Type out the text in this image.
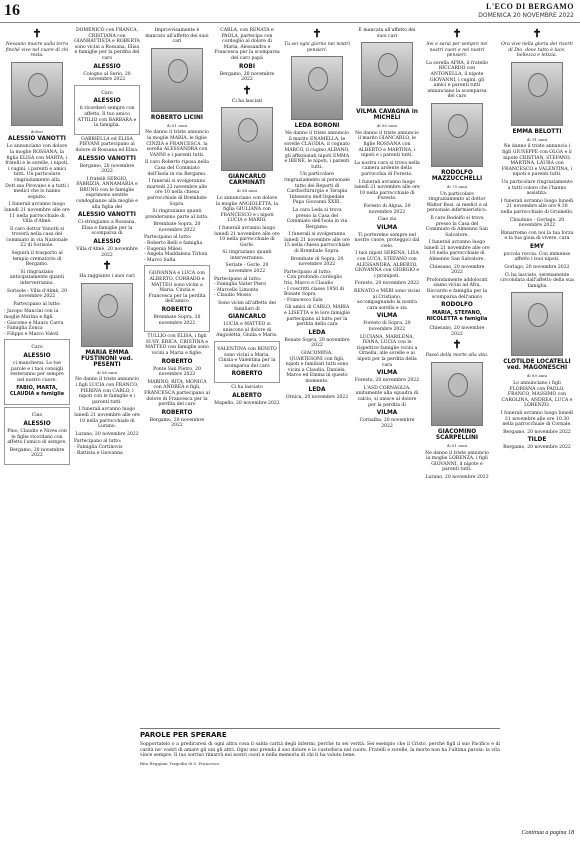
16	L'ECO DI BERGAMO
DOMENICA 20 NOVEMBRE 2022
✝
Nessuno muore sulla terra finché vive nel cuore di chi resta.
dottor
ALESSIO VANOTTI
Lo annunciano con dolore la moglie ROSSANA, la figlia ELISA con MARTA, i fratelli e le sorelle, i nipoti, i cugini, i parenti e amici tutti. Un particolare ringraziamento alla Dott.ssa Pirovano e a tutti i medici che lo hanno seguito.
I funerali avranno luogo lunedì 21 novembre alle ore 11 nella parrocchiale di Villa d'Almè.
Il caro dottor Vanotti si troverà nella casa del commiato in via Nazionale 22 di Sorisole.
Seguirà il trasporto al tempio crematorio di Bergamo.
Si ringraziano anticipatamente quanti interverranno.
Sorisole - Villa d'Almè, 20 novembre 2022
Partecipano al lutto:
- Jacopo Mancini con la moglie Marina e figli
- Giacomo e Mauro Carra
- Famiglia Zonca
- Filippo e Marco Valoti
Caro
ALESSIO
ci mancherai. Le tue parole e i tuoi consigli resteranno per sempre nel nostro cuore.
FABIO, MARTA, CLAUDIA e famiglie
Ciao
ALESSIO
Pino, Claudio e Nives con le figlie ricordano con affetto l'amico di sempre.
Bergamo, 20 novembre 2022
DOMENICO con FRANCA, CRISTIANA con GIANBATTISTA e ROBERTA sono vicini a Rossana, Elisa e famiglie per la perdita del caro
ALESSIO
Cologno al Serio, 20 novembre 2022
Caro
ALESSIO
ti ricorderò sempre con affetto. Il tuo amico ATTILIO con BARBARA e la famiglia.
GABRIELLA ed ELISA PIEVANI partecipano al dolore di Rossana ed Elisa.
ALESSIO VANOTTI
Bergamo, 20 novembre 2022
I fratelli SERGIO, FABRIZIA, ANNAMARIA e BRUNO con le famiglie esprimono sentite condoglianze alla moglie e alla figlia del
ALESSIO VANOTTI
Ci stringiamo a Rossana, Elisa e famiglie per la scomparsa di
ALESSIO
Villa d'Almè, 20 novembre 2022
✝
Ha raggiunto i suoi cari
MARIA EMMA FUSTINONI ved. PESENTI
di 86 anni
Ne danno il triste annuncio i figli LUCIA con FRANCO, PIERINA con CARLO, i nipoti con le famiglie e i parenti tutti.
I funerali avranno luogo lunedì 21 novembre alle ore 10 nella parrocchiale di Lurano.
Lurano, 20 novembre 2022
Partecipano al lutto:
- Famiglia Cortinovis
- Battista e Giovanna
Improvvisamente è mancato all'affetto dei suoi cari
ROBERTO LICINI
di 81 anni
Ne danno il triste annuncio la moglie MARIA, le figlie CINZIA e FRANCESCA, la sorella ALESSANDRA con VANNI e i parenti tutti.
Il caro Roberto riposa nella Casa del Commiato dell'Isola in via Bergamo.
I funerali si svolgeranno martedì 22 novembre alle ore 10 nella chiesa parrocchiale di Brembate Sopra.
Si ringraziano quanti prenderanno parte al lutto.
Brembate Sopra, 20 novembre 2022
Partecipano al lutto:
- Roberto Belli e famiglia
- Eugenia Milesi
- Angela Maddalena Tirloni
- Marco Salta
GIOVANNA e LUCA con ALBERTO, CORRADO e MATTEO sono vicini a Maria, Cinzia e Francesca per la perdita dell'amico
ROBERTO
Brembate Sopra, 20 novembre 2022
TULLIO con ELISA, i figli SUSY, ERICA, CRISTINA e MATTEO con famiglie sono vicini a Maria e figlie.
ROBERTO
Ponte San Pietro, 20 novembre 2022
MARINO, RITA, MONICA con ANDREA e figli, FRANCESCA partecipano al dolore di Francesca per la perdita del caro
ROBERTO
Bergamo, 20 novembre 2022
CARLA, con RENATA e PAOLA, partecipa con cordoglio al dolore di Maria, Alessandra e Francesca per la scomparsa del caro papà
ROBI
Bergamo, 20 novembre 2022
✝
Ci ha lasciati
GIANCARLO CARMINATI
di 84 anni
Lo annunciano con dolore la moglie ANGIOLETTA, la figlia GIULIANA con FRANCESCO e i nipoti LUCIA e MARIO.
I funerali avranno luogo lunedì 21 novembre alle ore 10 nella parrocchiale di Gorle.
Si ringraziano quanti interverranno.
Seriate - Gorle, 20 novembre 2022
Partecipano al lutto:
- Famiglia Vaiter Piero
- Marcello Limonta
- Claudio Mosso
Sono vicini all'affetto dei familiari di
GIANCARLO
LUCIA e MATTEO si uniscono al dolore di Angioletta, Giulia e Mario.
VALENTINA con BENITO sono vicini a Maria, Cinzia e Valentina per la scomparsa del caro
ROBERTO
Ci ha lasciato
ALBERTO
Mapello, 20 novembre 2022
✝
Tu sei ogni giorno nei nostri pensieri.
LEDA BORONI
Ne danno il triste annuncio il marito ENAMELLA, le sorelle CLAUDIA, il cognato MARCO, il cugino ALBANO, gli affezionati nipoti EMMA e IRENE, le nipoti, i parenti tutti.
Un particolare ringraziamento al personale tutto dei Reparti di Cardiochirurgia e Terapia Intensiva dell'Ospedale Papa Giovanni XXIII.
La cara Leda si trova presso la Casa del Commiato dell'Isola in via Bergamo.
I funerali si svolgeranno lunedì 21 novembre alle ore 15 nella chiesa parrocchiale di Brembate Sopra.
Brembate di Sopra, 20 novembre 2022
Partecipano al lutto:
- Con profondo cordoglio Iris, Marco e Claudio
- I coscritti classe 1950 di Bonate Sopra
- Francesco Sala
Gli amici di CARLO, MARIA e LISETTA e le loro famiglie partecipano al lutto per la perdita della cara
LEDA
Bonate Sopra, 20 novembre 2022
GIACOMINA, QUARTESONI con figli, nipoti e familiari tutti sono vicini a Claudia, Daniela, Marco ed Emma in questo momento.
LEDA
Ornica, 20 novembre 2022
È mancata all'affetto dei suoi cari
VILMA CAVAGNA in MICHELI
di 80 anni
Ne danno il triste annuncio il marito GIANCARLO, le figlie ROSSANA con ALBERTO e MARTINA, i nipoti e i parenti tutti.
La nostra cara si trova nella camera ardente della parrocchia di Foresto.
I funerali avranno luogo lunedì 21 novembre alle ore 10 nella parrocchiale di Foresto.
Foresto di Algua, 20 novembre 2022
Ciao zia
VILMA
Ti porteremo sempre nel nostro cuore, proteggici dal cielo.
I tuoi nipoti SERENA, LISA con LUCA, STEFANO con ALESSANDRA, ALBERTO, GIOVANNA con GIORGIO e i pronipoti.
Foresto, 20 novembre 2022
RENATO e MERI sono vicini ai Cristiano, accompagnando la nostra cara sorella e zia
VILMA
Foresto di Sopra, 20 novembre 2022
LUCIANA, MARILENA, IVANA, LUCIA con le rispettive famiglie vicini a Ornella, alle sorelle e ai nipoti per la perdita della cara
VILMA
Foresto, 20 novembre 2022
L'ASD CORNAGLIA, unitamente alla squadra di calcio, si unisce al dolore per la perdita di
VILMA
Cornalba, 20 novembre 2022
✝
Sei e sarai per sempre nei nostri cuori e nei nostri pensieri.
La sorella AFRA, il fratello RICCARDO con ANTONELLA, il nipote GIOVANNI, i cugini, gli amici e parenti tutti annunciano la scomparsa del caro
RODOLFO MAZZUCCHELLI
di 75 anni
Un particolare ringraziamento al dottor Walter Bosi, ai medici e al personale infermieristico.
Il caro Rodolfo si trova presso la Casa del Commiato di Almenno San Salvatore.
I funerali avranno luogo lunedì 21 novembre alle ore 10 nella parrocchiale di Almenno San Salvatore.
Chiesano, 20 novembre 2022
Profondamente addolorati siamo vicini ad Afra, Riccardo e famiglia per la scomparsa dell'amico
RODOLFO
MARIA, STEFANO, NICOLETTA e famiglia
Chiesano, 20 novembre 2022
✝
Passò della morte alla vita.
GIACOMINO SCARPELLINI
di 81 anni
Ne danno il triste annuncio la moglie LORENZA, i figli GIOVANNI, il nipote e parenti tutti.
Lurano, 20 novembre 2022
✝
Ora vive nella gloria dei risorti di Dio, dove tutto è luce, bellezza e letizia.
EMMA BELOTTI
di 91 anni
Ne danno il triste annuncio i figli GIUSEPPE con OLGA e il nipote CRISTIAN, STEFANO, MARTINA, LAURA con FRANCESCO e VALENTINA, i nipoti e parenti tutti.
Un particolare ringraziamento a tutti coloro che l'hanno assistita.
I funerali avranno luogo lunedì 21 novembre alle ore 9.30 nella parrocchiale di Grumello.
Chiuduno - Gorlago, 20 novembre 2022
Rimarremo con noi la tua forza e la tua gioia di vivere, cara
EMY
piccola roccia. Con immenso affetto i tuoi nipoti.
Gorlago, 20 novembre 2022
Ci ha lasciato, serenamente circondata dall'affetto della sua famiglia
CLOTILDE LOCATELLI ved. MAGONESCHI
di 89 anni
Lo annunciano i figli FLORIANA con PAOLO, FRANCO, MASSIMO con CAROLINA, ANDREA, LUCA e LORENZO.
I funerali avranno luogo lunedì 21 novembre alle ore 10.30 nella parrocchiale di Cornale.
Bergamo, 20 novembre 2022
TILDE
Bergamo, 20 novembre 2022
PAROLE PER SPERARE
Sopportatelo o a prediraresi di ogni altra cosa il salda carità degli infermi, perché tu sei verità. Sei esempio che il Cristo, perché figli il suo Pacifico e di carità ne' vostri di amare gli uni gli altri. Ogni uno prenda il suo dolore e lo custodisca nel cuore. Fratelli e sorelle, la morte non ha l'ultima parola: la vita vince sempre. Il tuo sorriso rimarrà nei nostri cuori e nella memoria di chi ti ha voluto bene.
Rita Reggiani Tragedia di S. Francesco
Continua a pagina 18
